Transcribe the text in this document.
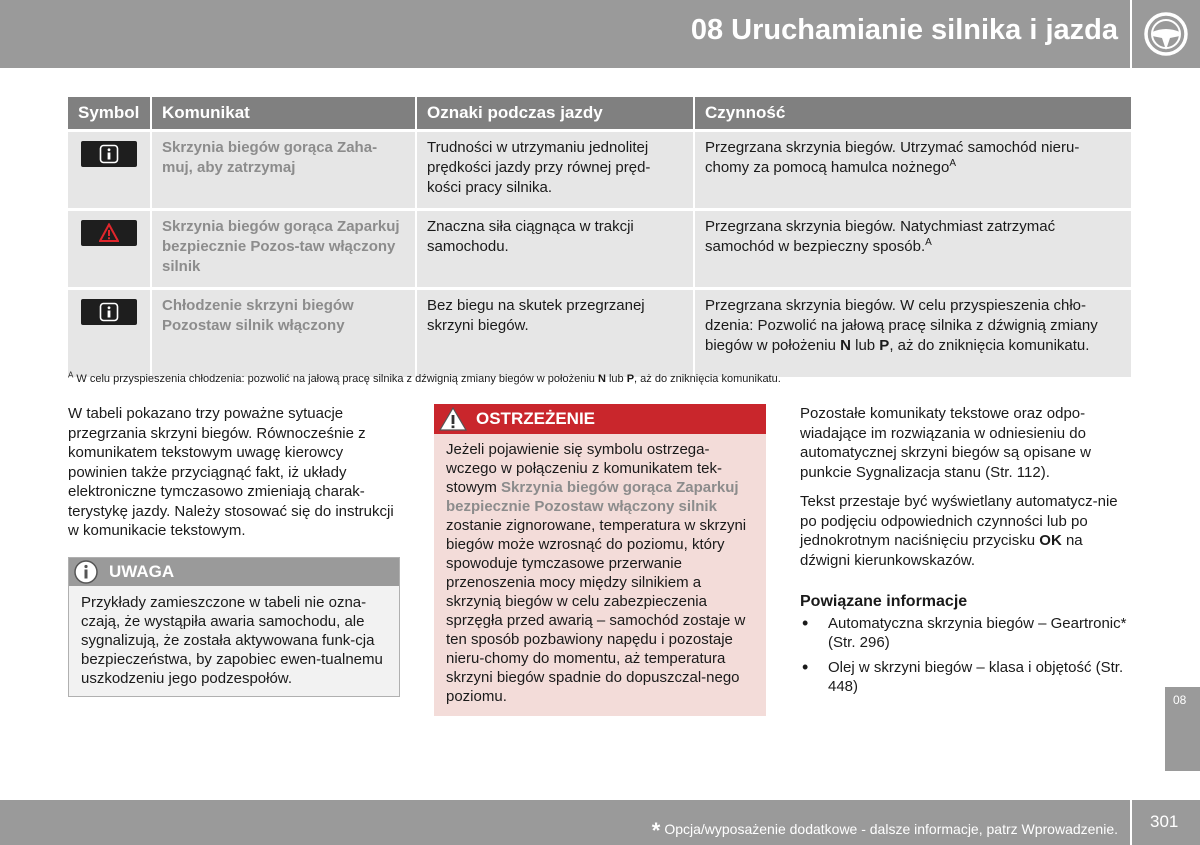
08 Uruchamianie silnika i jazda
Symbol	Komunikat	Oznaki podczas jazdy	Czynność

	Skrzynia biegów gorąca Zaha-muj, aby zatrzymaj	Trudności w utrzymaniu jednolitej prędkości jazdy przy równej pręd-kości pracy silnika.	Przegrzana skrzynia biegów. Utrzymać samochód nieru-chomy za pomocą hamulca nożnego$^A$

	Skrzynia biegów gorąca Zaparkuj bezpiecznie Pozos-taw włączony silnik	Znaczna siła ciągnąca w trakcji samochodu.	Przegrzana skrzynia biegów. Natychmiast zatrzymać samochód w bezpieczny sposób.$^A$

	Chłodzenie skrzyni biegów Pozostaw silnik włączony	Bez biegu na skutek przegrzanej skrzyni biegów.	Przegrzana skrzynia biegów. W celu przyspieszenia chło-dzenia: Pozwolić na jałową pracę silnika z dźwignią zmiany biegów w położeniu N lub P, aż do zniknięcia komunikatu.
$^A$ W celu przyspieszenia chłodzenia: pozwolić na jałową pracę silnika z dźwignią zmiany biegów w położeniu N lub P, aż do zniknięcia komunikatu.

W tabeli pokazano trzy poważne sytuacje przegrzania skrzyni biegów. Równocześnie z komunikatem tekstowym uwagę kierowcy powinien także przyciągnąć fakt, iż układy elektroniczne tymczasowo zmieniają charak-terystykę jazdy. Należy stosować się do instrukcji w komunikacie tekstowym.

UWAGA
Przykłady zamieszczone w tabeli nie ozna-czają, że wystąpiła awaria samochodu, ale sygnalizują, że została aktywowana funk-cja bezpieczeństwa, by zapobiec ewen-tualnemu uszkodzeniu jego podzespołów.
OSTRZEŻENIE
Jeżeli pojawienie się symbolu ostrzega-wczego w połączeniu z komunikatem tek-stowym Skrzynia biegów gorąca Zaparkuj bezpiecznie Pozostaw włączony silnik zostanie zignorowane, temperatura w skrzyni biegów może wzrosnąć do poziomu, który spowoduje tymczasowe przerwanie przenoszenia mocy między silnikiem a skrzynią biegów w celu zabezpieczenia sprzęgła przed awarią – samochód zostaje w ten sposób pozbawiony napędu i pozostaje nieru-chomy do momentu, aż temperatura skrzyni biegów spadnie do dopuszczal-nego poziomu.

Pozostałe komunikaty tekstowe oraz odpo-wiadające im rozwiązania w odniesieniu do automatycznej skrzyni biegów są opisane w punkcie Sygnalizacja stanu (Str. 112).

Tekst przestaje być wyświetlany automatycz-nie po podjęciu odpowiednich czynności lub po jednokrotnym naciśnięciu przycisku OK na dźwigni kierunkowskazów.

Powiązane informacje
• Automatyczna skrzynia biegów – Geartronic* (Str. 296)
• Olej w skrzyni biegów – klasa i objętość (Str. 448)
08
* Opcja/wyposażenie dodatkowe - dalsze informacje, patrz Wprowadzenie. 301
